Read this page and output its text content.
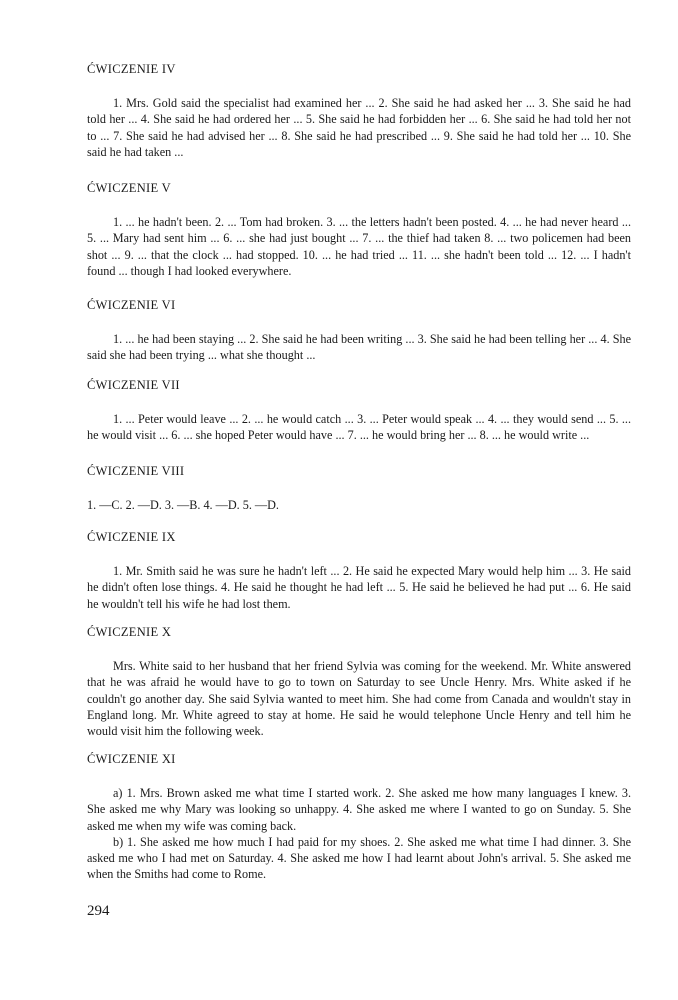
ĆWICZENIE IV

1. Mrs. Gold said the specialist had examined her ... 2. She said he had asked her ... 3. She said he had told her ... 4. She said he had ordered her ... 5. She said he had forbidden her ... 6. She said he had told her not to ... 7. She said he had advised her ... 8. She said he had prescribed ... 9. She said he had told her ... 10. She said he had taken ...

ĆWICZENIE V

1. ... he hadn't been. 2. ... Tom had broken. 3. ... the letters hadn't been posted. 4. ... he had never heard ... 5. ... Mary had sent him ... 6. ... she had just bought ... 7. ... the thief had taken 8. ... two policemen had been shot ... 9. ... that the clock ... had stopped. 10. ... he had tried ... 11. ... she hadn't been told ... 12. ... I hadn't found ... though I had looked everywhere.

ĆWICZENIE VI

1. ... he had been staying ... 2. She said he had been writing ... 3. She said he had been telling her ... 4. She said she had been trying ... what she thought ...

ĆWICZENIE VII

1. ... Peter would leave ... 2. ... he would catch ... 3. ... Peter would speak ... 4. ... they would send ... 5. ... he would visit ... 6. ... she hoped Peter would have ... 7. ... he would bring her ... 8. ... he would write ...

ĆWICZENIE VIII

1. —C. 2. —D. 3. —B. 4. —D. 5. —D.

ĆWICZENIE IX

1. Mr. Smith said he was sure he hadn't left ... 2. He said he expected Mary would help him ... 3. He said he didn't often lose things. 4. He said he thought he had left ... 5. He said he believed he had put ... 6. He said he wouldn't tell his wife he had lost them.

ĆWICZENIE X

Mrs. White said to her husband that her friend Sylvia was coming for the weekend. Mr. White answered that he was afraid he would have to go to town on Saturday to see Uncle Henry. Mrs. White asked if he couldn't go another day. She said Sylvia wanted to meet him. She had come from Canada and wouldn't stay in England long. Mr. White agreed to stay at home. He said he would telephone Uncle Henry and tell him he would visit him the following week.

ĆWICZENIE XI

a) 1. Mrs. Brown asked me what time I started work. 2. She asked me how many languages I knew. 3. She asked me why Mary was looking so unhappy. 4. She asked me where I wanted to go on Sunday. 5. She asked me when my wife was coming back.

b) 1. She asked me how much I had paid for my shoes. 2. She asked me what time I had dinner. 3. She asked me who I had met on Saturday. 4. She asked me how I had learnt about John's arrival. 5. She asked me when the Smiths had come to Rome.

294
